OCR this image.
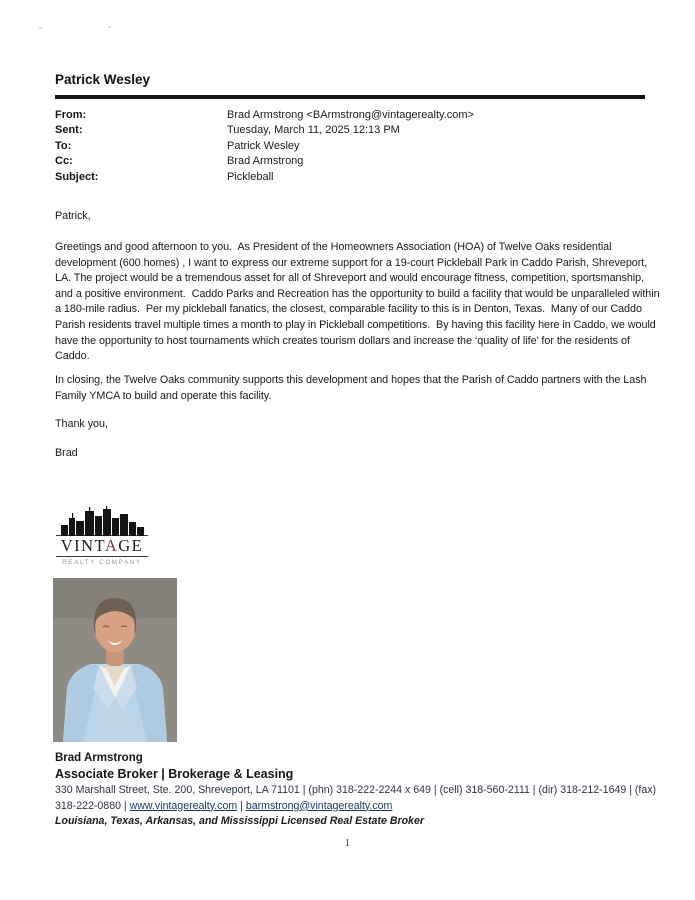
Patrick Wesley
From:	Brad Armstrong <BArmstrong@vintagerealty.com>
Sent:	Tuesday, March 11, 2025 12:13 PM
To:	Patrick Wesley
Cc:	Brad Armstrong
Subject:	Pickleball
Patrick,
Greetings and good afternoon to you.  As President of the Homeowners Association (HOA) of Twelve Oaks residential development (600 homes) , I want to express our extreme support for a 19-court Pickleball Park in Caddo Parish, Shreveport, LA. The project would be a tremendous asset for all of Shreveport and would encourage fitness, competition, sportsmanship, and a positive environment.  Caddo Parks and Recreation has the opportunity to build a facility that would be unparalleled within a 180-mile radius.  Per my pickleball fanatics, the closest, comparable facility to this is in Denton, Texas.  Many of our Caddo Parish residents travel multiple times a month to play in Pickleball competitions.  By having this facility here in Caddo, we would have the opportunity to host tournaments which creates tourism dollars and increase the ‘quality of life’ for the residents of Caddo.
In closing, the Twelve Oaks community supports this development and hopes that the Parish of Caddo partners with the Lash Family YMCA to build and operate this facility.
Thank you,
Brad
VINTAGE
REALTY COMPANY
Brad Armstrong
Associate Broker | Brokerage & Leasing
330 Marshall Street, Ste. 200, Shreveport, LA 71101 | (phn) 318-222-2244 x 649 | (cell) 318-560-2111 | (dir) 318-212-1649 | (fax)
318-222-0880 | www.vintagerealty.com | barmstrong@vintagerealty.com
Louisiana, Texas, Arkansas, and Mississippi Licensed Real Estate Broker
1
